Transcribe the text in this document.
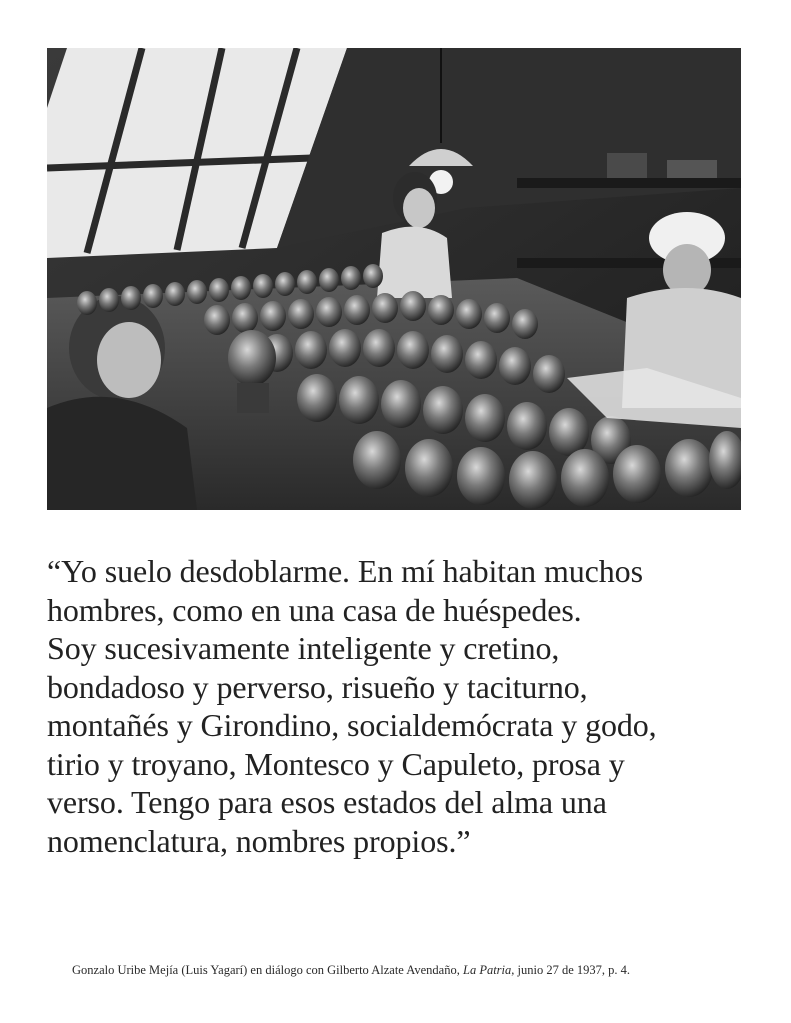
“Yo suelo desdoblarme. En mí habitan muchos
hombres, como en una casa de huéspedes.
Soy sucesivamente inteligente y cretino,
bondadoso y perverso, risueño y taciturno,
montañés y Girondino, socialdemócrata y godo,
tirio y troyano, Montesco y Capuleto, prosa y
verso. Tengo para esos estados del alma una
nomenclatura, nombres propios.”

Gonzalo Uribe Mejía (Luis Yagarí) en diálogo con Gilberto Alzate Avendaño, La Patria, junio 27 de 1937, p. 4.
